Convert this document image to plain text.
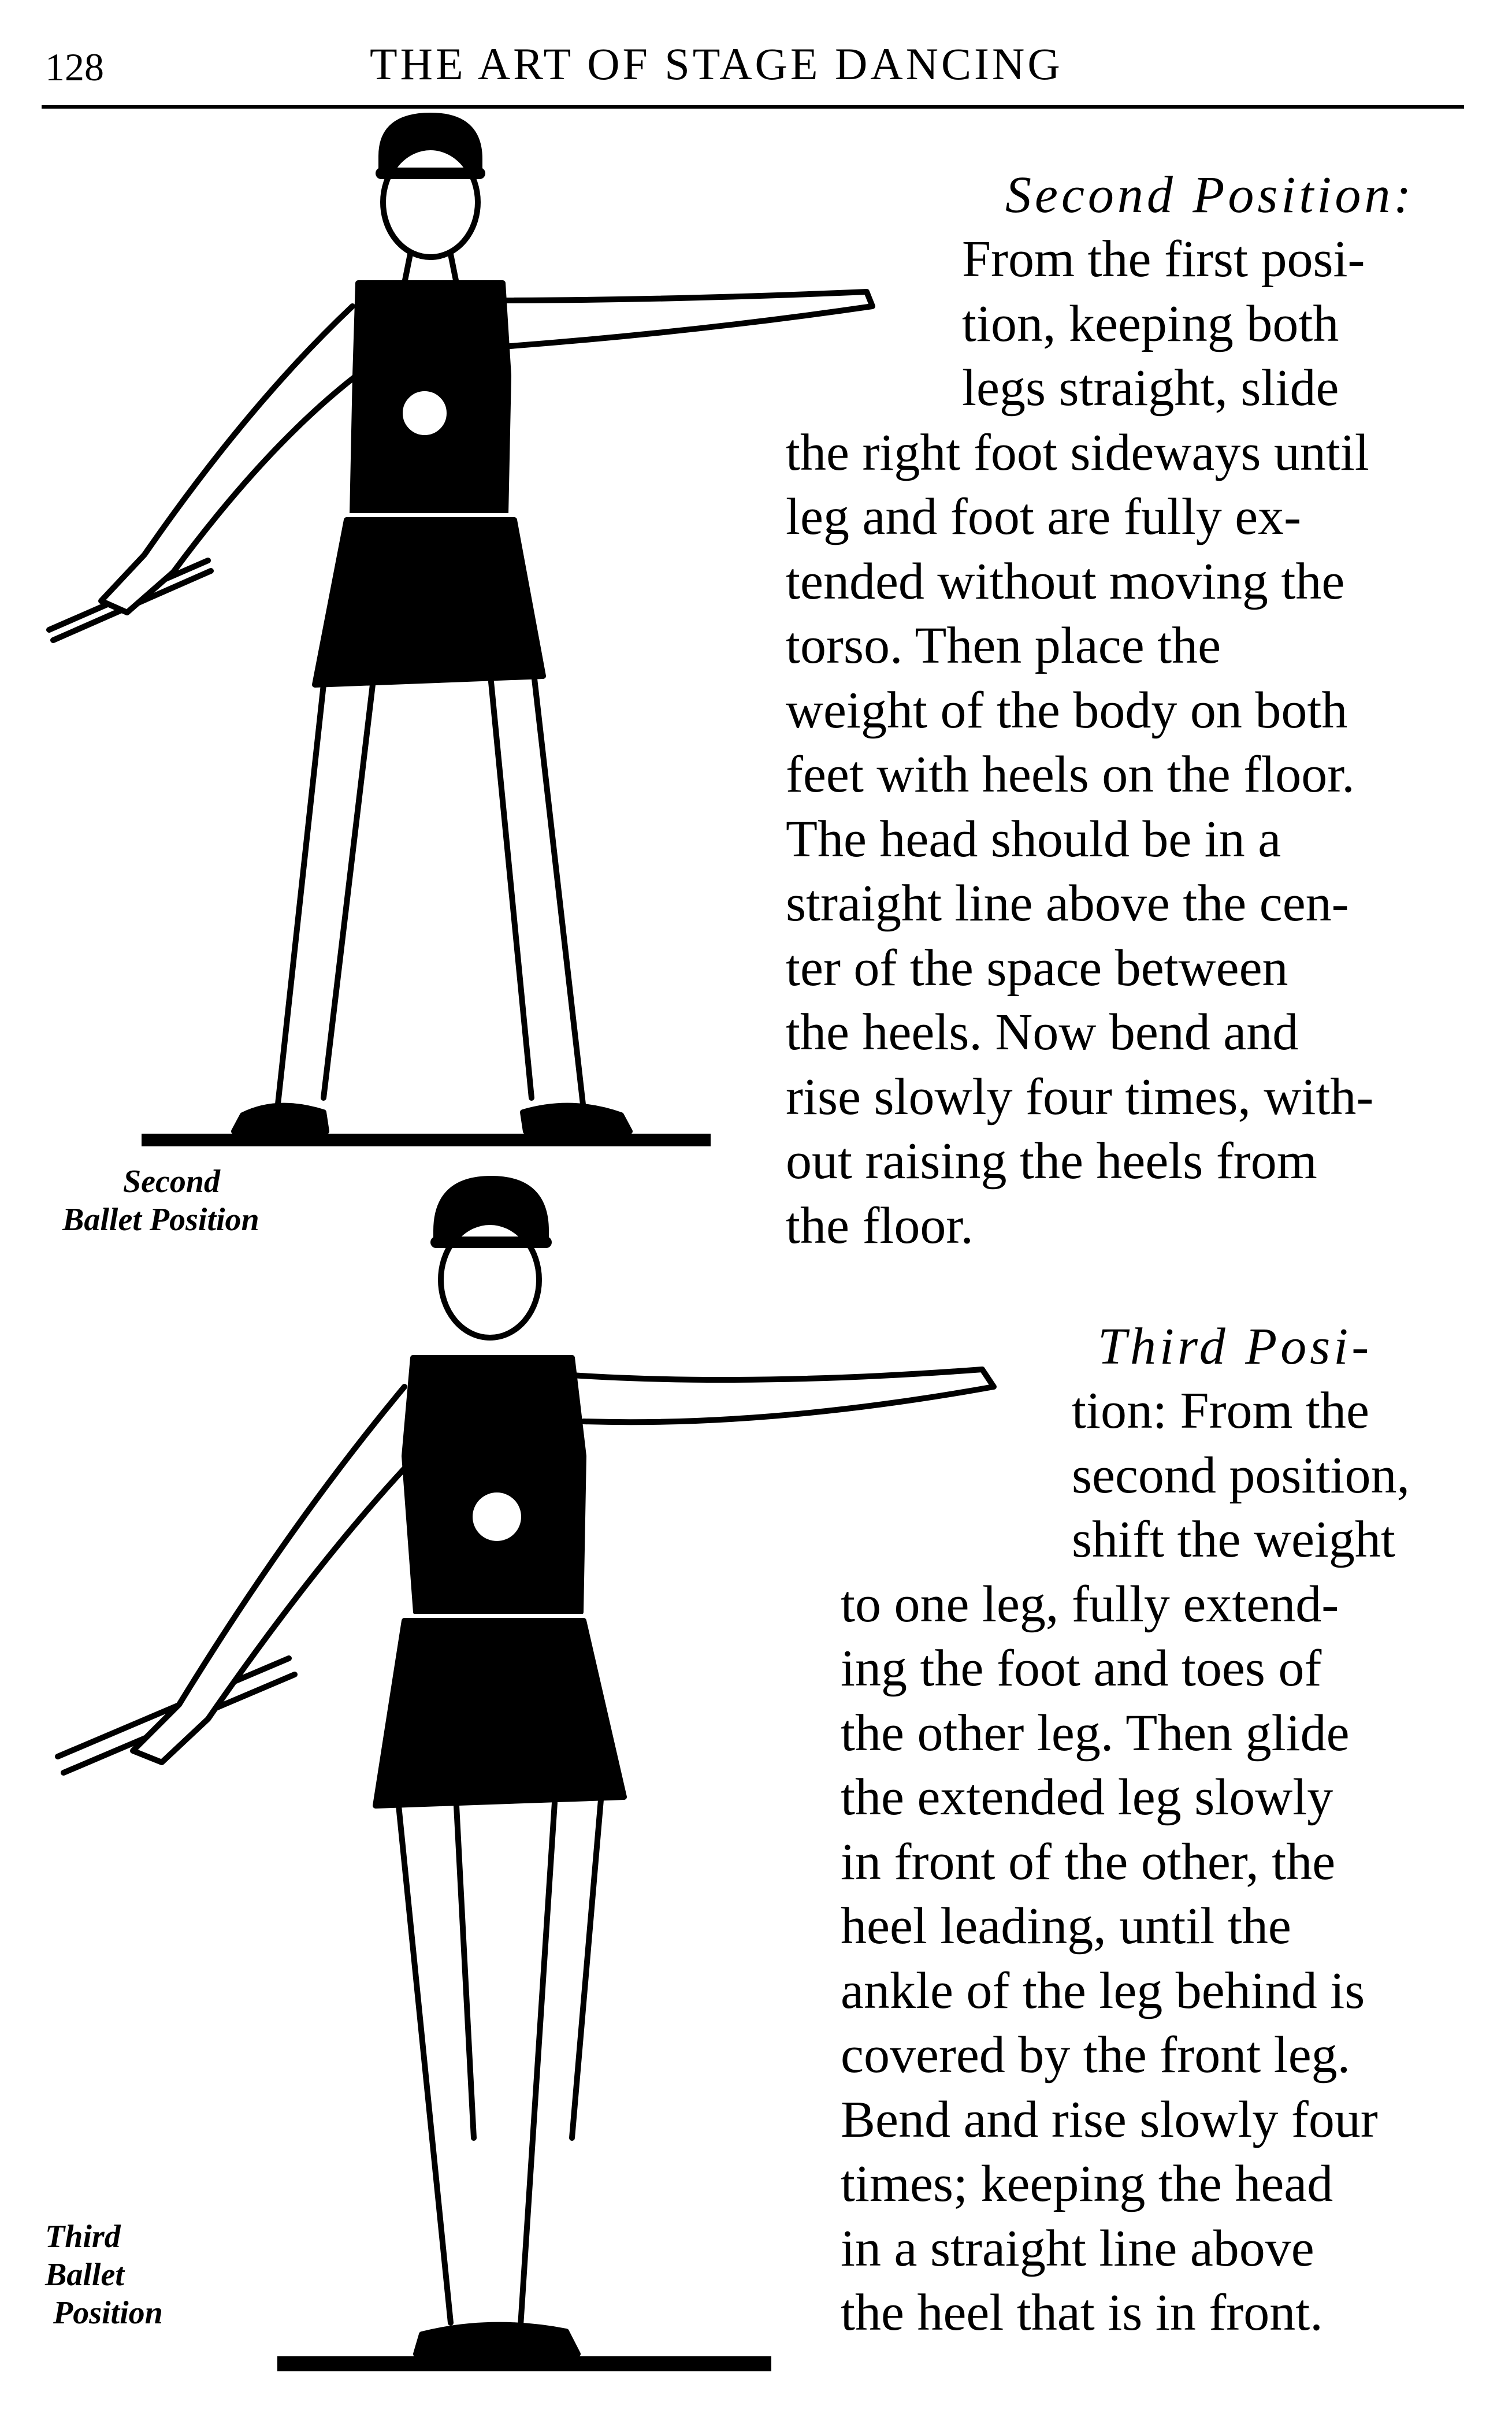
128	THE ART OF STAGE DANCING
Second
Ballet Position
Third
Ballet
Position
Second Position:

From the first posi-

tion, keeping both

legs straight, slide

the right foot sideways until

leg and foot are fully ex-

tended without moving the

torso. Then place the

weight of the body on both

feet with heels on the floor.

The head should be in a

straight line above the cen-

ter of the space between

the heels. Now bend and

rise slowly four times, with-

out raising the heels from

the floor.

Third Posi-

tion: From the

second position,

shift the weight

to one leg, fully extend-

ing the foot and toes of

the other leg. Then glide

the extended leg slowly

in front of the other, the

heel leading, until the

ankle of the leg behind is

covered by the front leg.

Bend and rise slowly four

times; keeping the head

in a straight line above

the heel that is in front.
